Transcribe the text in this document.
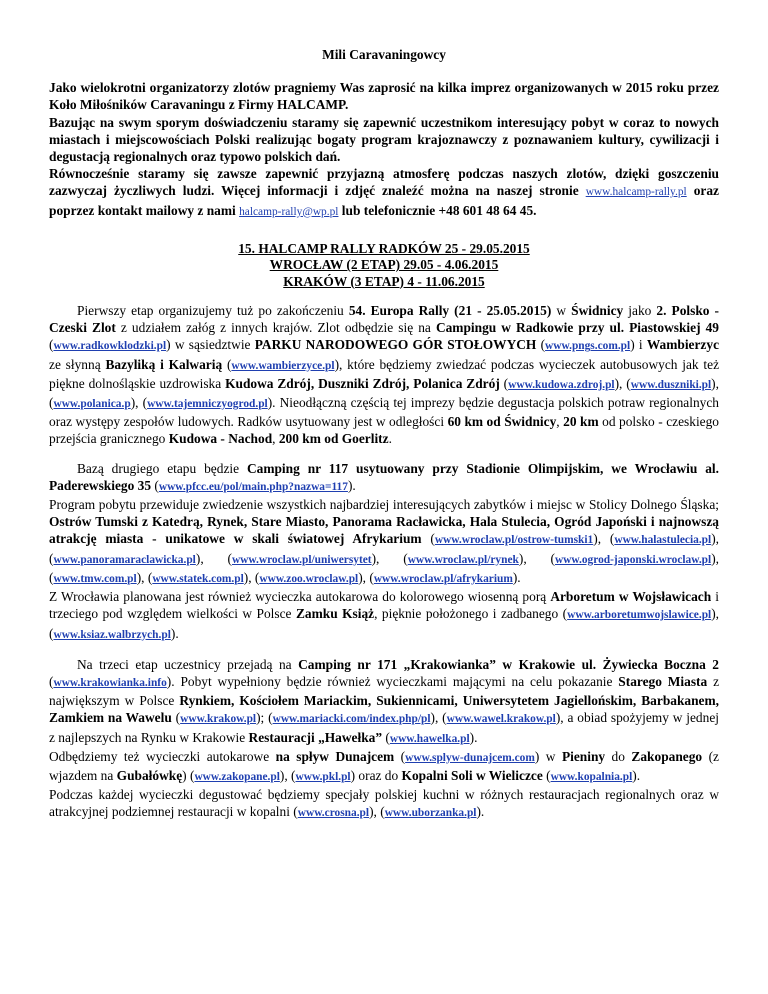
Mili Caravaningowcy

Jako wielokrotni organizatorzy zlotów pragniemy Was zaprosić na kilka imprez organizowanych w 2015 roku przez Koło Miłośników Caravaningu z Firmy HALCAMP.

Bazując na swym sporym doświadczeniu staramy się zapewnić uczestnikom interesujący pobyt w coraz to nowych miastach i miejscowościach Polski realizując bogaty program krajoznawczy z poznawaniem kultury, cywilizacji i degustacją regionalnych oraz typowo polskich dań.

Równocześnie staramy się zawsze zapewnić przyjazną atmosferę podczas naszych zlotów, dzięki goszczeniu zazwyczaj życzliwych ludzi. Więcej informacji i zdjęć znaleźć można na naszej stronie www.halcamp-rally.pl oraz poprzez kontakt mailowy z nami halcamp-rally@wp.pl lub telefonicznie +48 601 48 64 45.

15. HALCAMP RALLY RADKÓW 25 - 29.05.2015

WROCŁAW (2 ETAP) 29.05 - 4.06.2015

KRAKÓW (3 ETAP) 4 - 11.06.2015

Pierwszy etap organizujemy tuż po zakończeniu 54. Europa Rally (21 - 25.05.2015) w Świdnicy jako 2. Polsko - Czeski Zlot z udziałem załóg z innych krajów. Zlot odbędzie się na Campingu w Radkowie przy ul. Piastowskiej 49 (www.radkowklodzki.pl) w sąsiedztwie PARKU NARODOWEGO GÓR STOŁOWYCH (www.pngs.com.pl) i Wambierzyc ze słynną Bazyliką i Kalwarią (www.wambierzyce.pl), które będziemy zwiedzać podczas wycieczek autobusowych jak też piękne dolnośląskie uzdrowiska Kudowa Zdrój, Duszniki Zdrój, Polanica Zdrój (www.kudowa.zdroj.pl), (www.duszniki.pl), (www.polanica.p), (www.tajemniczyogrod.pl). Nieodłączną częścią tej imprezy będzie degustacja polskich potraw regionalnych oraz występy zespołów ludowych. Radków usytuowany jest w odległości 60 km od Świdnicy, 20 km od polsko - czeskiego przejścia granicznego Kudowa - Nachod, 200 km od Goerlitz.

Bazą drugiego etapu będzie Camping nr 117 usytuowany przy Stadionie Olimpijskim, we Wrocławiu al. Paderewskiego 35 (www.pfcc.eu/pol/main.php?nazwa=117).

Program pobytu przewiduje zwiedzenie wszystkich najbardziej interesujących zabytków i miejsc w Stolicy Dolnego Śląska; Ostrów Tumski z Katedrą, Rynek, Stare Miasto, Panorama Racławicka, Hala Stulecia, Ogród Japoński i najnowszą atrakcję miasta - unikatowe w skali światowej Afrykarium (www.wroclaw.pl/ostrow-tumski1), (www.halastulecia.pl), (www.panoramaraclawicka.pl), (www.wroclaw.pl/uniwersytet), (www.wroclaw.pl/rynek), (www.ogrod-japonski.wroclaw.pl), (www.tmw.com.pl), (www.statek.com.pl), (www.zoo.wroclaw.pl), (www.wroclaw.pl/afrykarium).

Z Wrocławia planowana jest również wycieczka autokarowa do kolorowego wiosenną porą Arboretum w Wojsławicach i trzeciego pod względem wielkości w Polsce Zamku Książ, pięknie położonego i zadbanego (www.arboretumwojslawice.pl), (www.ksiaz.walbrzych.pl).

Na trzeci etap uczestnicy przejadą na Camping nr 171 „Krakowianka” w Krakowie ul. Żywiecka Boczna 2 (www.krakowianka.info). Pobyt wypełniony będzie również wycieczkami mającymi na celu pokazanie Starego Miasta z największym w Polsce Rynkiem, Kościołem Mariackim, Sukiennicami, Uniwersytetem Jagiellońskim, Barbakanem, Zamkiem na Wawelu (www.krakow.pl); (www.mariacki.com/index.php/pl), (www.wawel.krakow.pl), a obiad spożyjemy w jednej z najlepszych na Rynku w Krakowie Restauracji „Hawełka” (www.hawelka.pl).

Odbędziemy też wycieczki autokarowe na spływ Dunajcem (www.splyw-dunajcem.com) w Pieniny do Zakopanego (z wjazdem na Gubałówkę) (www.zakopane.pl), (www.pkl.pl) oraz do Kopalni Soli w Wieliczce (www.kopalnia.pl).

Podczas każdej wycieczki degustować będziemy specjały polskiej kuchni w różnych restauracjach regionalnych oraz w atrakcyjnej podziemnej restauracji w kopalni (www.crosna.pl), (www.uborzanka.pl).
